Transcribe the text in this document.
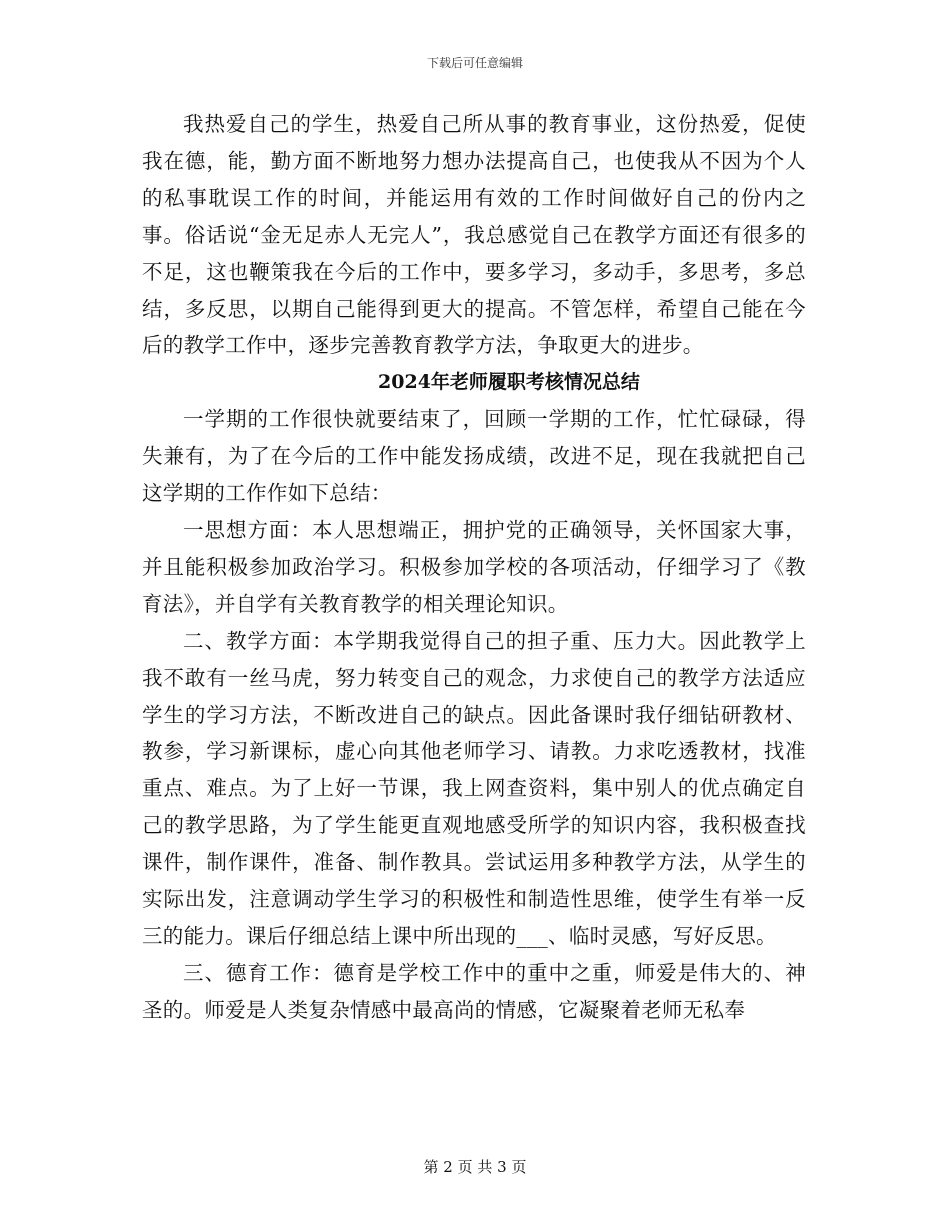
下载后可任意编辑

我热爱自己的学生，热爱自己所从事的教育事业，这份热爱，促使我在德，能，勤方面不断地努力想办法提高自己，也使我从不因为个人的私事耽误工作的时间，并能运用有效的工作时间做好自己的份内之事。俗话说“金无足赤人无完人”，我总感觉自己在教学方面还有很多的不足，这也鞭策我在今后的工作中，要多学习，多动手，多思考，多总结，多反思，以期自己能得到更大的提高。不管怎样，希望自己能在今后的教学工作中，逐步完善教育教学方法，争取更大的进步。

2024年老师履职考核情况总结

一学期的工作很快就要结束了，回顾一学期的工作，忙忙碌碌，得失兼有，为了在今后的工作中能发扬成绩，改进不足，现在我就把自己这学期的工作作如下总结：

一思想方面：本人思想端正，拥护党的正确领导，关怀国家大事，并且能积极参加政治学习。积极参加学校的各项活动，仔细学习了《教育法》，并自学有关教育教学的相关理论知识。

二、教学方面：本学期我觉得自己的担子重、压力大。因此教学上我不敢有一丝马虎，努力转变自己的观念，力求使自己的教学方法适应学生的学习方法，不断改进自己的缺点。因此备课时我仔细钻研教材、教参，学习新课标，虚心向其他老师学习、请教。力求吃透教材，找准重点、难点。为了上好一节课，我上网查资料，集中别人的优点确定自己的教学思路，为了学生能更直观地感受所学的知识内容，我积极查找课件，制作课件，准备、制作教具。尝试运用多种教学方法，从学生的实际出发，注意调动学生学习的积极性和制造性思维，使学生有举一反三的能力。课后仔细总结上课中所出现的___、临时灵感，写好反思。

三、德育工作：德育是学校工作中的重中之重，师爱是伟大的、神圣的。师爱是人类复杂情感中最高尚的情感，它凝聚着老师无私奉

第 2 页 共 3 页
